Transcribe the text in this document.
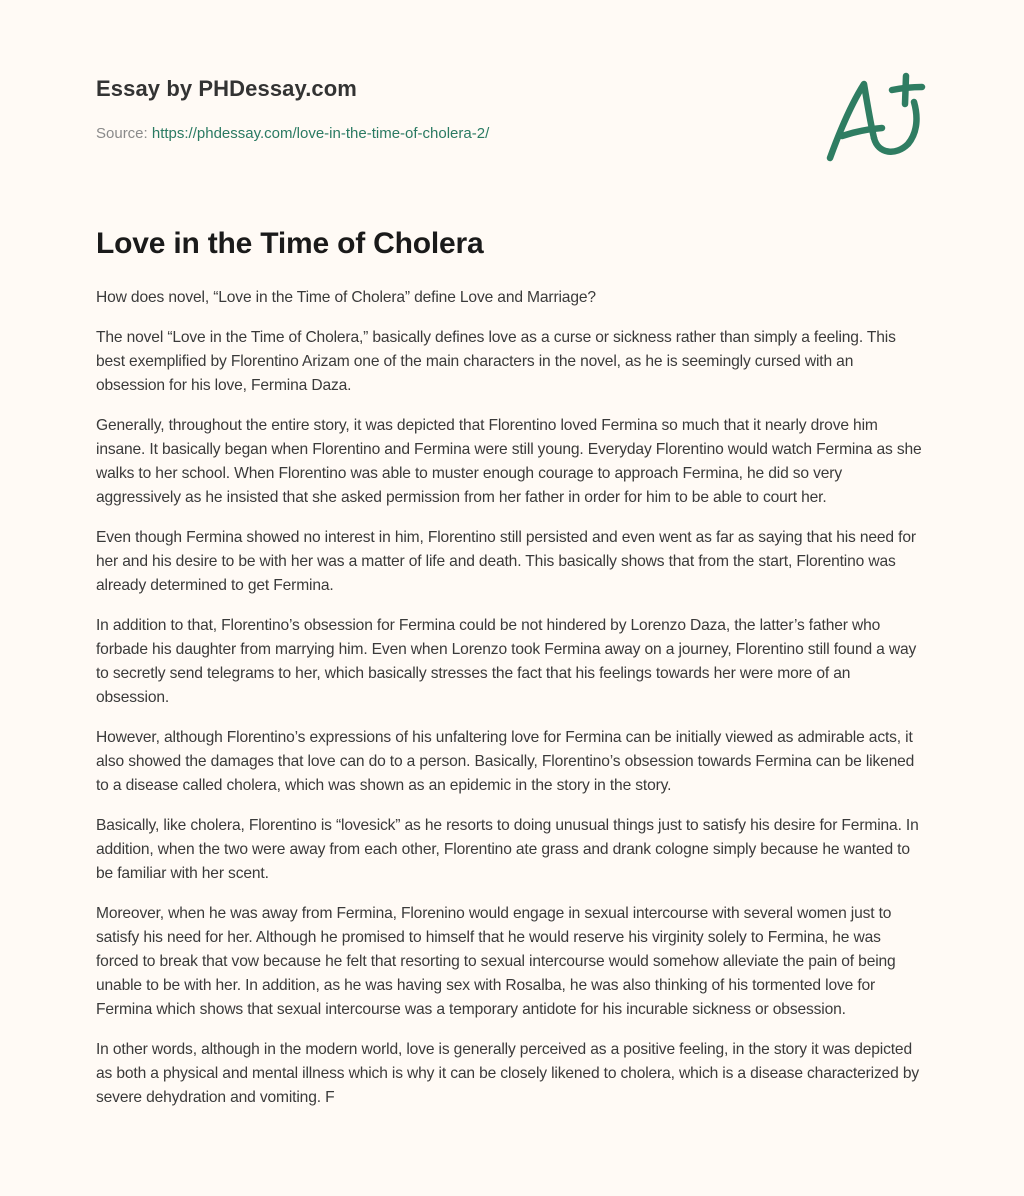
Essay by PHDessay.com
Source: https://phdessay.com/love-in-the-time-of-cholera-2/
Love in the Time of Cholera

How does novel, “Love in the Time of Cholera” define Love and Marriage?

The novel “Love in the Time of Cholera,” basically defines love as a curse or sickness rather than simply a feeling. This best exemplified by Florentino Arizam one of the main characters in the novel, as he is seemingly cursed with an obsession for his love, Fermina Daza.

Generally, throughout the entire story, it was depicted that Florentino loved Fermina so much that it nearly drove him insane. It basically began when Florentino and Fermina were still young. Everyday Florentino would watch Fermina as she walks to her school. When Florentino was able to muster enough courage to approach Fermina, he did so very aggressively as he insisted that she asked permission from her father in order for him to be able to court her.

Even though Fermina showed no interest in him, Florentino still persisted and even went as far as saying that his need for her and his desire to be with her was a matter of life and death. This basically shows that from the start, Florentino was already determined to get Fermina.

In addition to that, Florentino’s obsession for Fermina could be not hindered by Lorenzo Daza, the latter’s father who forbade his daughter from marrying him. Even when Lorenzo took Fermina away on a journey, Florentino still found a way to secretly send telegrams to her, which basically stresses the fact that his feelings towards her were more of an obsession.

However, although Florentino’s expressions of his unfaltering love for Fermina can be initially viewed as admirable acts, it also showed the damages that love can do to a person. Basically, Florentino’s obsession towards Fermina can be likened to a disease called cholera, which was shown as an epidemic in the story in the story.

Basically, like cholera, Florentino is “lovesick” as he resorts to doing unusual things just to satisfy his desire for Fermina. In addition, when the two were away from each other, Florentino ate grass and drank cologne simply because he wanted to be familiar with her scent.

Moreover, when he was away from Fermina, Florenino would engage in sexual intercourse with several women just to satisfy his need for her. Although he promised to himself that he would reserve his virginity solely to Fermina, he was forced to break that vow because he felt that resorting to sexual intercourse would somehow alleviate the pain of being unable to be with her. In addition, as he was having sex with Rosalba, he was also thinking of his tormented love for Fermina which shows that sexual intercourse was a temporary antidote for his incurable sickness or obsession.

In other words, although in the modern world, love is generally perceived as a positive feeling, in the story it was depicted as both a physical and mental illness which is why it can be closely likened to cholera, which is a disease characterized by severe dehydration and vomiting. F
